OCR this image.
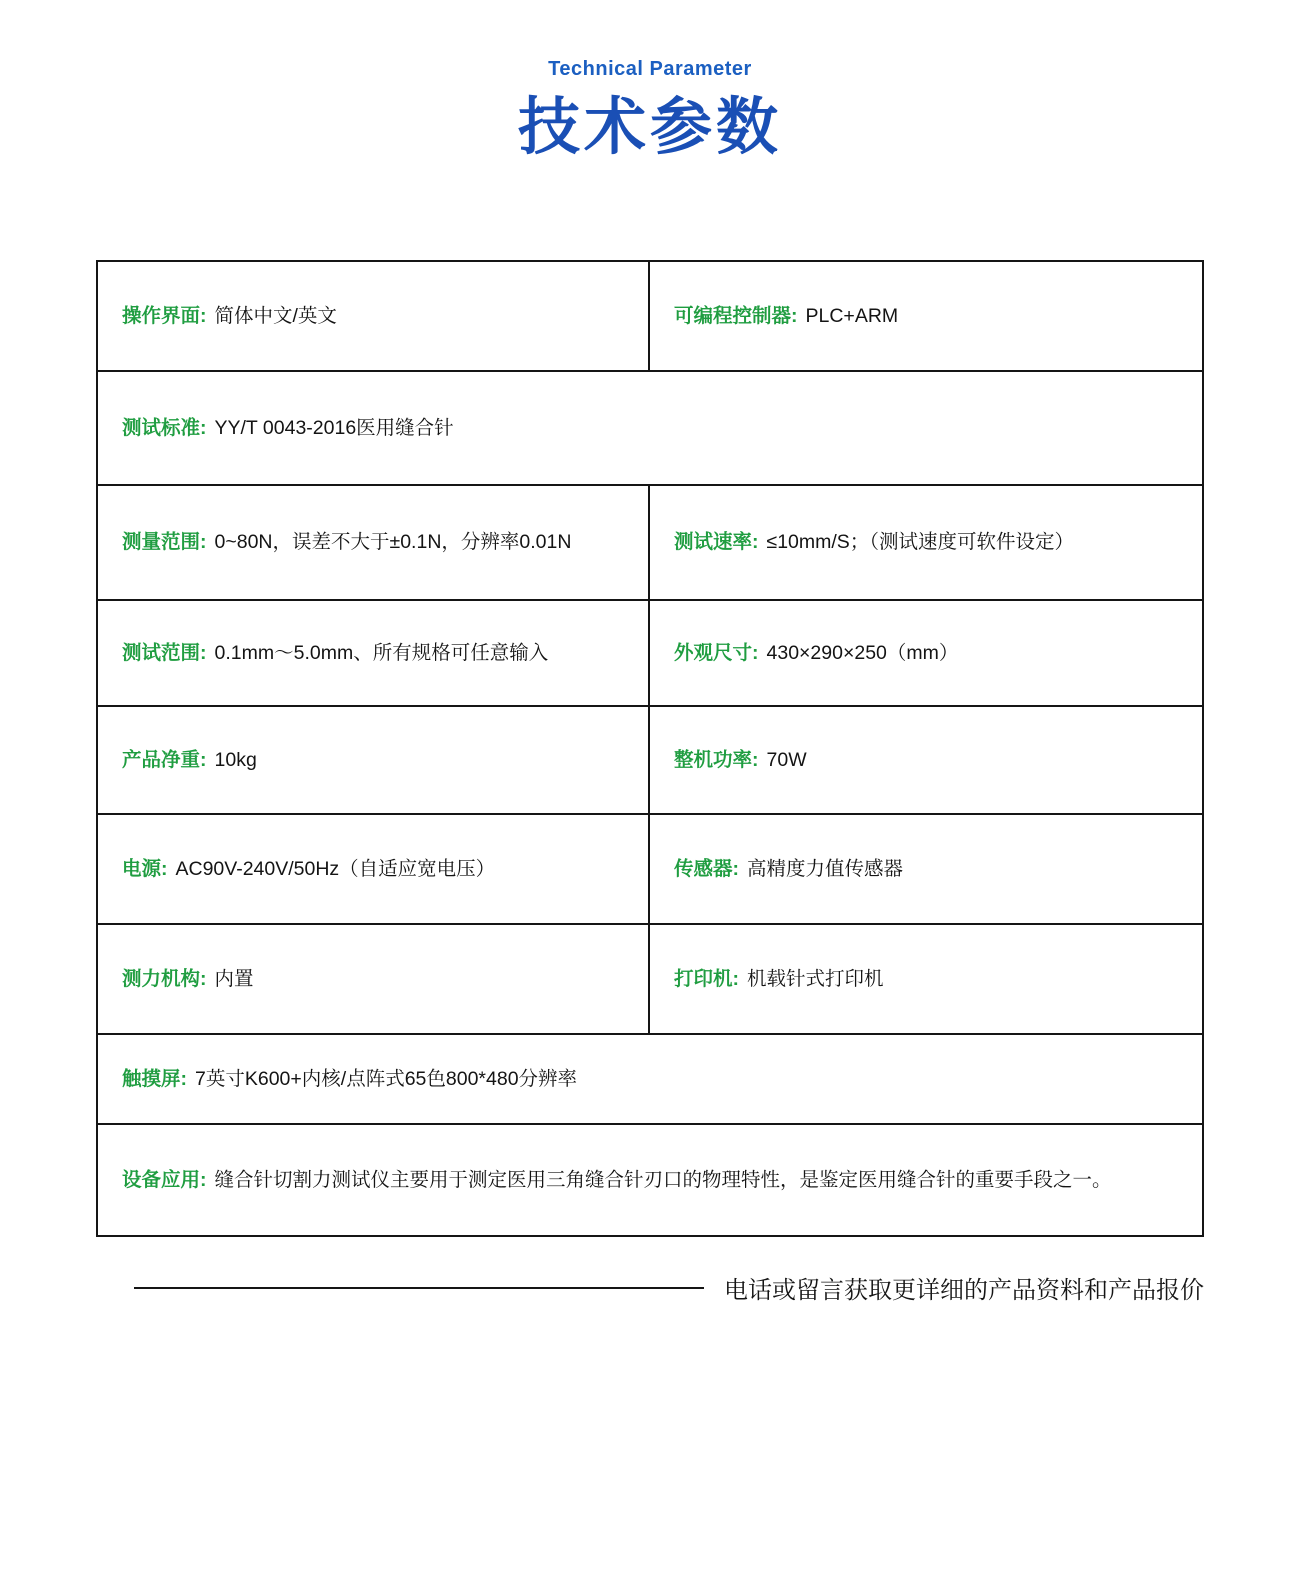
Technical Parameter
技术参数
操作界面: 简体中文/英文	可编程控制器: PLC+ARM
测试标准: YY/T 0043-2016医用缝合针
测量范围: 0~80N，误差不大于±0.1N，分辨率0.01N	测试速率: ≤10mm/S；（测试速度可软件设定）
测试范围: 0.1mm～5.0mm、所有规格可任意输入	外观尺寸: 430×290×250（mm）
产品净重: 10kg	整机功率: 70W
电源: AC90V-240V/50Hz（自适应宽电压）	传感器: 高精度力值传感器
测力机构: 内置	打印机: 机载针式打印机
触摸屏: 7英寸K600+内核/点阵式65色800*480分辨率
设备应用: 缝合针切割力测试仪主要用于测定医用三角缝合针刃口的物理特性，是鉴定医用缝合针的重要手段之一。
电话或留言获取更详细的产品资料和产品报价
